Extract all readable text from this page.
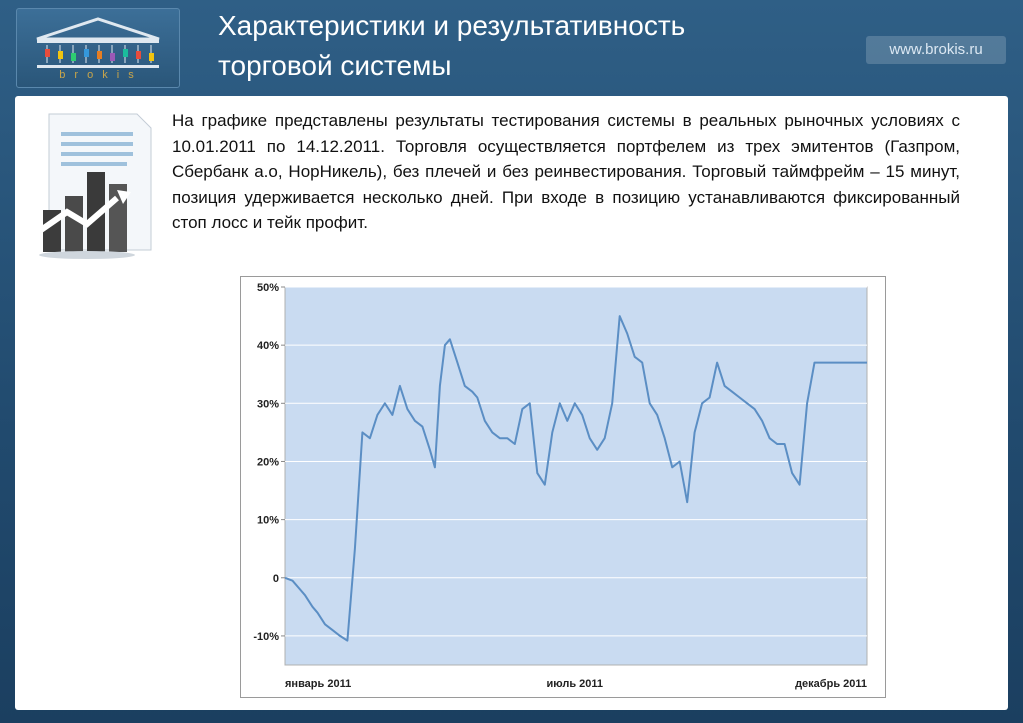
b r o k i s
Характеристики и результативность
торговой системы
www.brokis.ru

На графике представлены результаты тестирования системы в реальных рыночных условиях с 10.01.2011 по 14.12.2011. Торговля осуществляется портфелем из трех эмитентов (Газпром, Сбербанк а.о, НорНикель), без плечей и без реинвестирования. Торговый таймфрейм – 15 минут, позиция удерживается несколько дней. При входе в позицию устанавливаются фиксированный стоп лосс и тейк профит.

50%
40%
30%
20%
10%
0
-10%
январь 2011	июль 2011	декабрь 2011
